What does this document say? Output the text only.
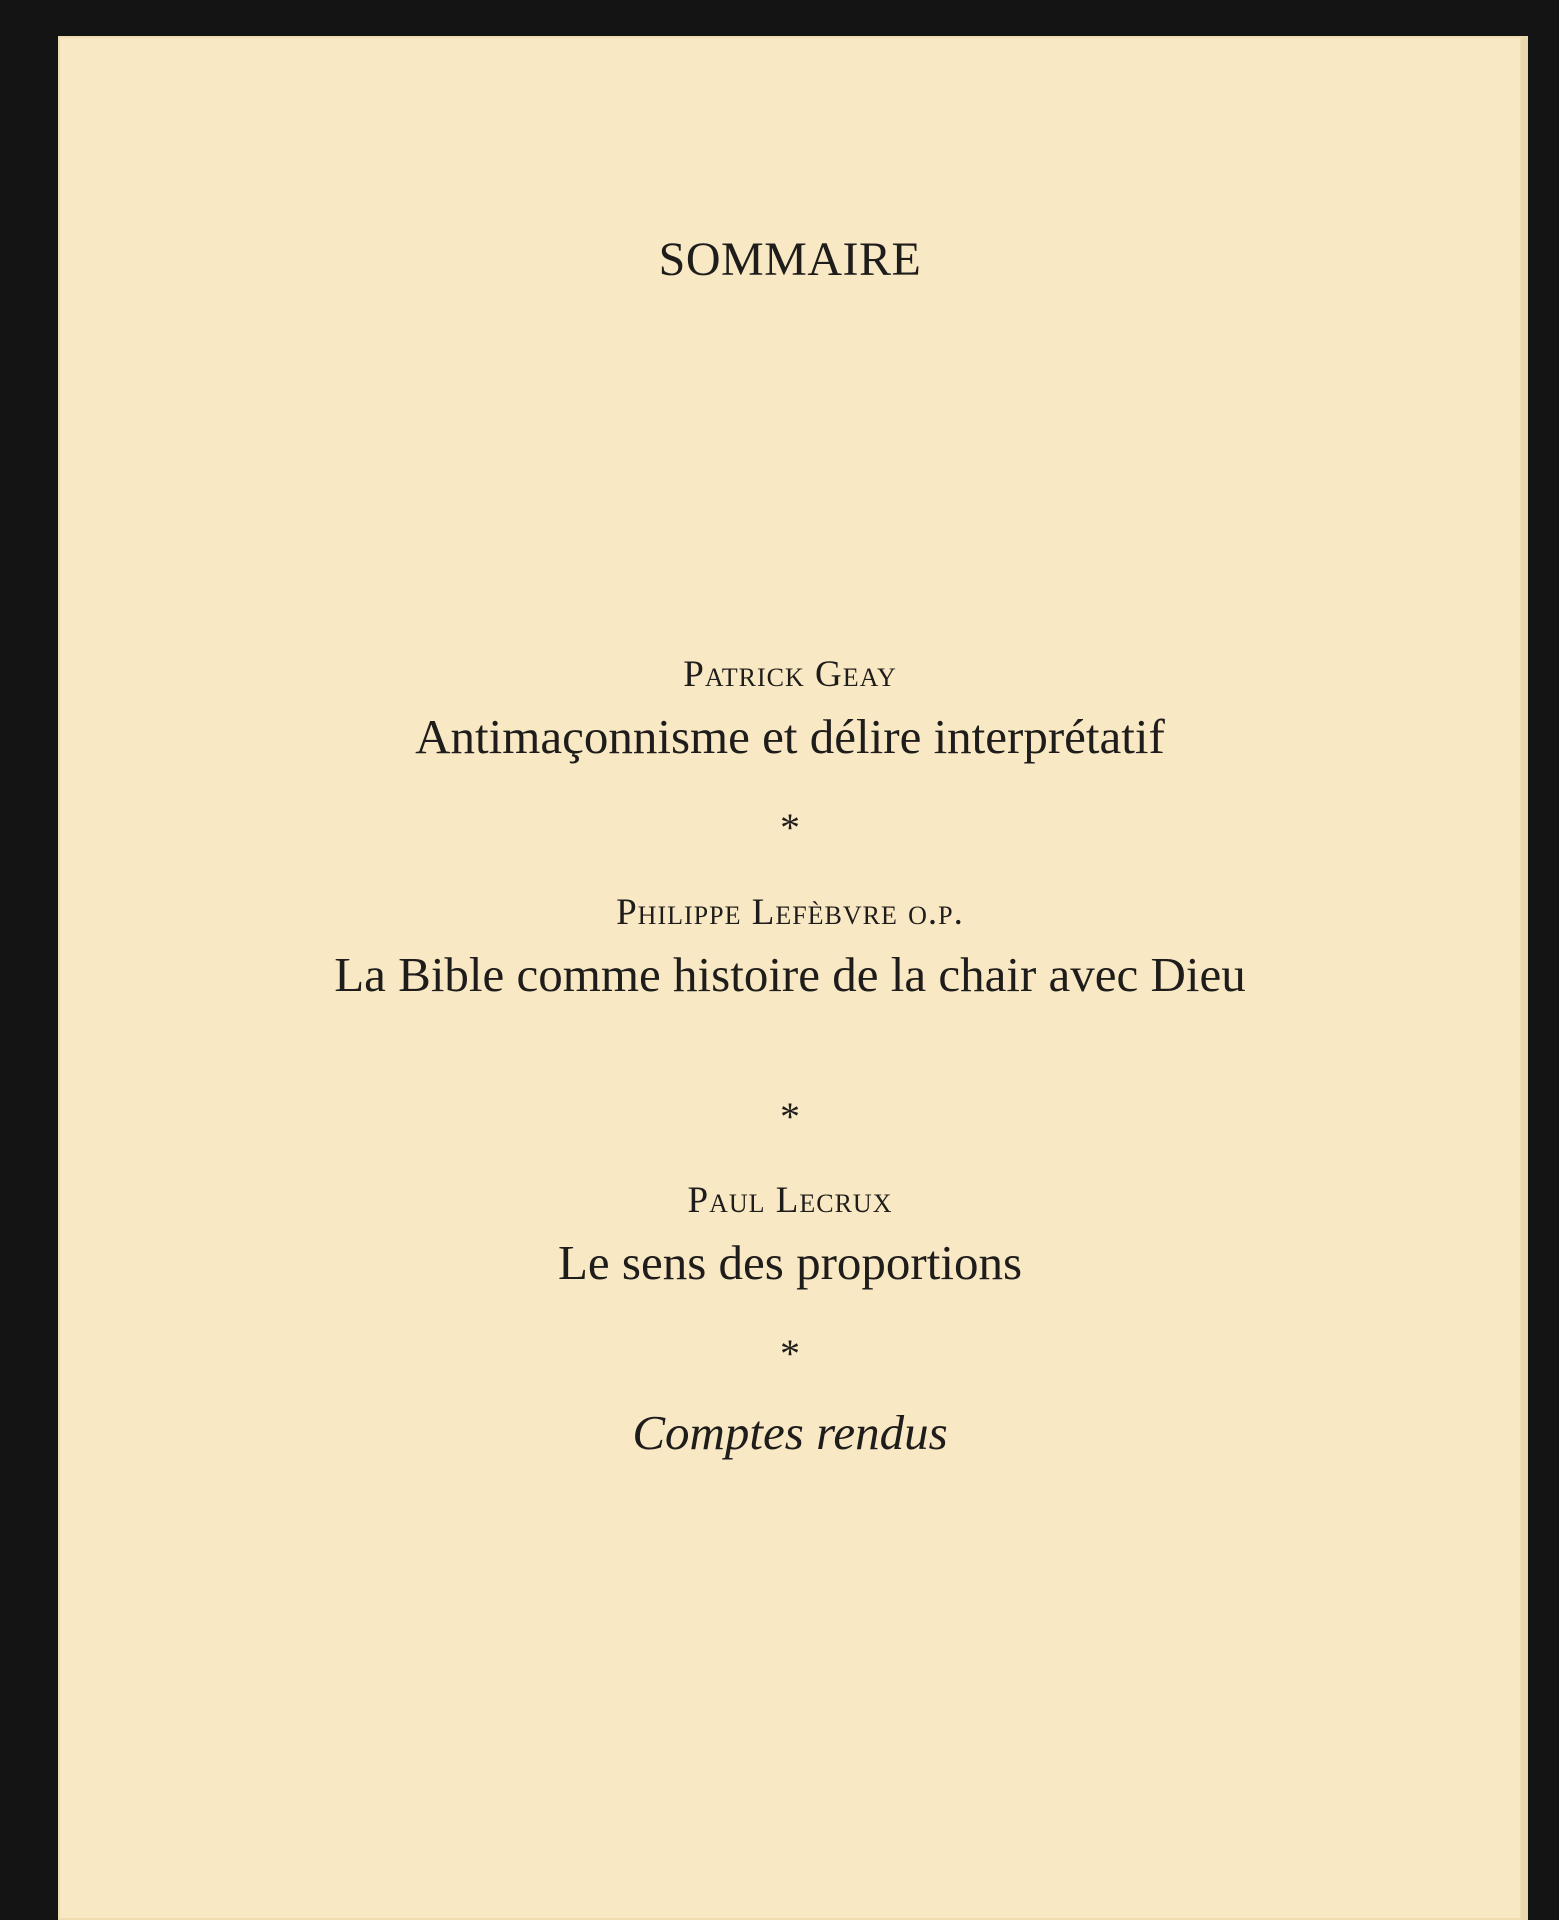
SOMMAIRE
Patrick Geay
Antimaçonnisme et délire interprétatif
*
Philippe Lefèbvre o.p.
La Bible comme histoire de la chair avec Dieu
*
Paul Lecrux
Le sens des proportions
*
Comptes rendus
